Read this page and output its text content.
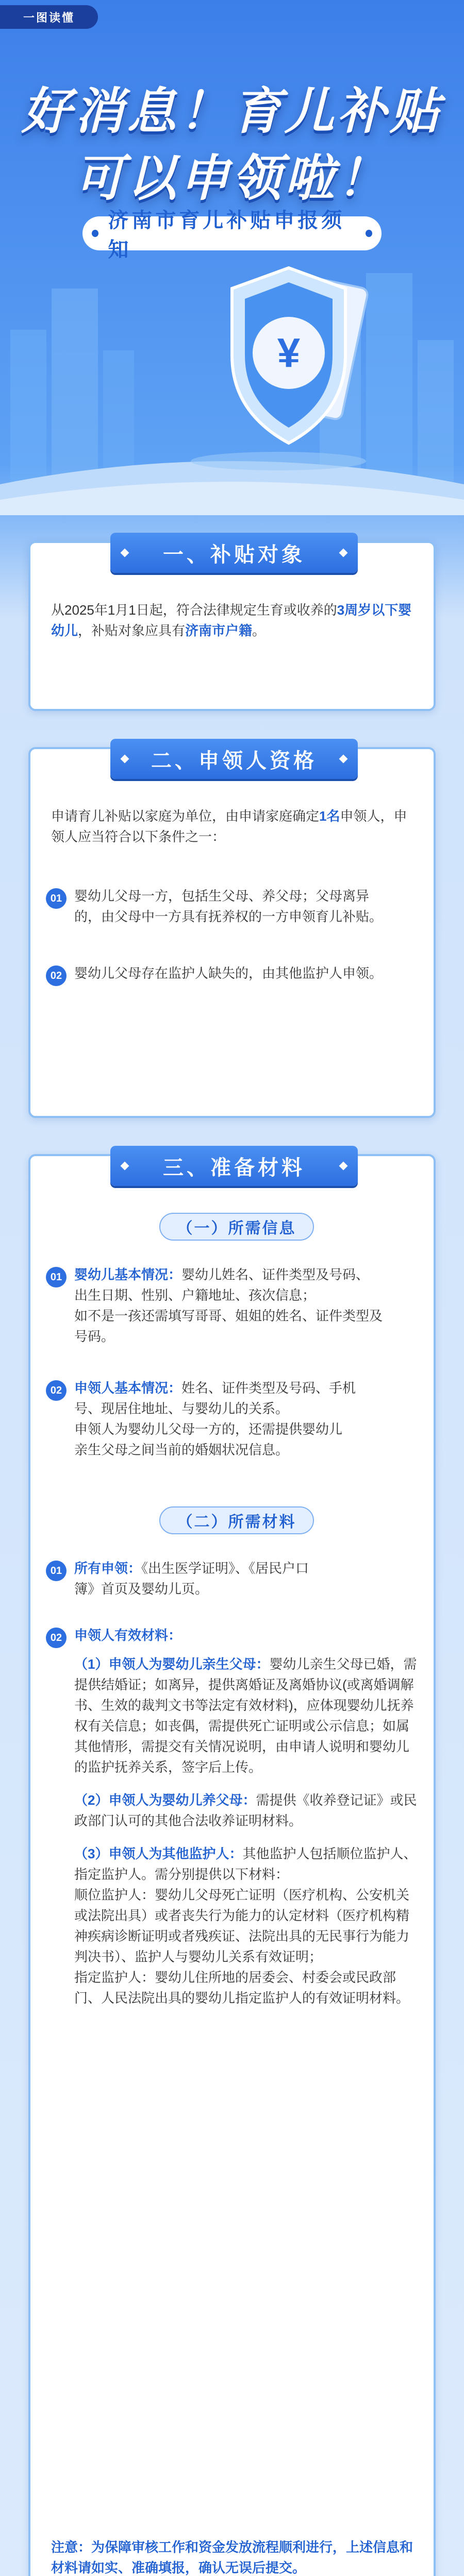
一图读懂
好消息！育儿补贴
可以申领啦！
济南市育儿补贴申报须知
¥
一、补贴对象
从2025年1月1日起，符合法律规定生育或收养的3周岁以下婴幼儿，补贴对象应具有济南市户籍。
二、申领人资格
申请育儿补贴以家庭为单位，由申请家庭确定1名申领人，申领人应当符合以下条件之一：
01 婴幼儿父母一方，包括生父母、养父母；父母离异
的，由父母中一方具有抚养权的一方申领育儿补贴。
02 婴幼儿父母存在监护人缺失的，由其他监护人申领。
三、准备材料
（一）所需信息
01 婴幼儿基本情况：婴幼儿姓名、证件类型及号码、
出生日期、性别、户籍地址、孩次信息；
如不是一孩还需填写哥哥、姐姐的姓名、证件类型及
号码。
02 申领人基本情况：姓名、证件类型及号码、手机
号、现居住地址、与婴幼儿的关系。
申领人为婴幼儿父母一方的，还需提供婴幼儿
亲生父母之间当前的婚姻状况信息。
（二）所需材料
01 所有申领：《出生医学证明》、《居民户口
簿》首页及婴幼儿页。
02 申领人有效材料：
（1）申领人为婴幼儿亲生父母：婴幼儿亲生父母已婚，需提供结婚证；如离异，提供离婚证及离婚协议(或离婚调解书、生效的裁判文书等法定有效材料)，应体现婴幼儿抚养权有关信息；如丧偶，需提供死亡证明或公示信息；如属其他情形，需提交有关情况说明，由申请人说明和婴幼儿的监护抚养关系，签字后上传。
（2）申领人为婴幼儿养父母：需提供《收养登记证》或民政部门认可的其他合法收养证明材料。
（3）申领人为其他监护人：其他监护人包括顺位监护人、指定监护人。需分别提供以下材料：
顺位监护人：婴幼儿父母死亡证明（医疗机构、公安机关或法院出具）或者丧失行为能力的认定材料（医疗机构精神疾病诊断证明或者残疾证、法院出具的无民事行为能力判决书）、监护人与婴幼儿关系有效证明；
指定监护人：婴幼儿住所地的居委会、村委会或民政部门、人民法院出具的婴幼儿指定监护人的有效证明材料。
注意：为保障审核工作和资金发放流程顺利进行，上述信息和材料请如实、准确填报，确认无误后提交。
